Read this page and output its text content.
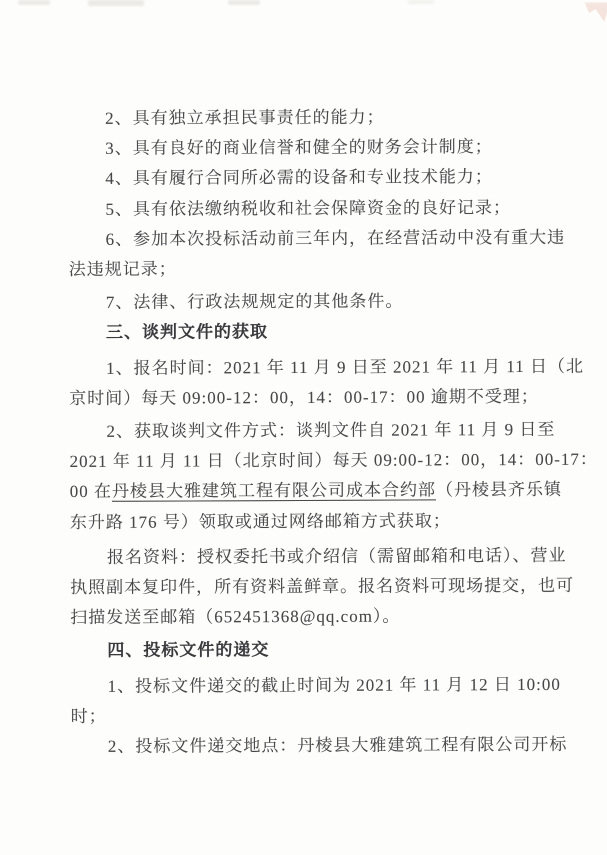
2、具有独立承担民事责任的能力；
3、具有良好的商业信誉和健全的财务会计制度；
4、具有履行合同所必需的设备和专业技术能力；
5、具有依法缴纳税收和社会保障资金的良好记录；
6、参加本次投标活动前三年内，在经营活动中没有重大违
法违规记录；
7、法律、行政法规规定的其他条件。
三、谈判文件的获取
1、报名时间：2021 年 11 月 9 日至 2021 年 11 月 11 日（北
京时间）每天 09:00-12：00，14：00-17：00 逾期不受理；
2、获取谈判文件方式：谈判文件自 2021 年 11 月 9 日至
2021 年 11 月 11 日（北京时间）每天 09:00-12：00，14：00-17：
00 在丹棱县大雅建筑工程有限公司成本合约部（丹棱县齐乐镇
东升路 176 号）领取或通过网络邮箱方式获取；
报名资料：授权委托书或介绍信（需留邮箱和电话）、营业
执照副本复印件，所有资料盖鲜章。报名资料可现场提交，也可
扫描发送至邮箱（652451368@qq.com）。
四、投标文件的递交
1、投标文件递交的截止时间为 2021 年 11 月 12 日 10:00
时；
2、投标文件递交地点：丹棱县大雅建筑工程有限公司开标
